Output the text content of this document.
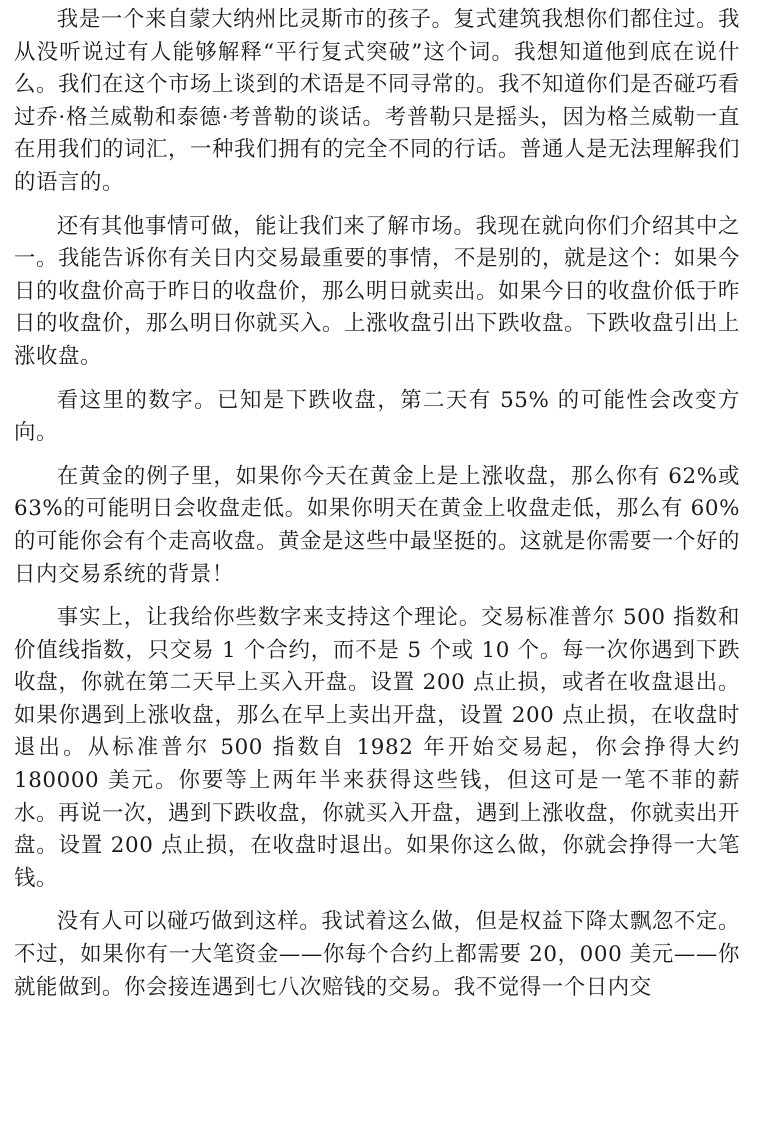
我是一个来自蒙大纳州比灵斯市的孩子。复式建筑我想你们都住过。我从没听说过有人能够解释“平行复式突破”这个词。我想知道他到底在说什么。我们在这个市场上谈到的术语是不同寻常的。我不知道你们是否碰巧看过乔·格兰威勒和泰德·考普勒的谈话。考普勒只是摇头，因为格兰威勒一直在用我们的词汇，一种我们拥有的完全不同的行话。普通人是无法理解我们的语言的。

还有其他事情可做，能让我们来了解市场。我现在就向你们介绍其中之一。我能告诉你有关日内交易最重要的事情，不是别的，就是这个：如果今日的收盘价高于昨日的收盘价，那么明日就卖出。如果今日的收盘价低于昨日的收盘价，那么明日你就买入。上涨收盘引出下跌收盘。下跌收盘引出上涨收盘。

看这里的数字。已知是下跌收盘，第二天有 55% 的可能性会改变方向。

在黄金的例子里，如果你今天在黄金上是上涨收盘，那么你有 62%或63%的可能明日会收盘走低。如果你明天在黄金上收盘走低，那么有 60%的可能你会有个走高收盘。黄金是这些中最坚挺的。这就是你需要一个好的日内交易系统的背景！

事实上，让我给你些数字来支持这个理论。交易标准普尔 500 指数和价值线指数，只交易 1 个合约，而不是 5 个或 10 个。每一次你遇到下跌收盘，你就在第二天早上买入开盘。设置 200 点止损，或者在收盘退出。如果你遇到上涨收盘，那么在早上卖出开盘，设置 200 点止损，在收盘时退出。从标准普尔 500 指数自 1982 年开始交易起，你会挣得大约 180000 美元。你要等上两年半来获得这些钱，但这可是一笔不菲的薪水。再说一次，遇到下跌收盘，你就买入开盘，遇到上涨收盘，你就卖出开盘。设置 200 点止损，在收盘时退出。如果你这么做，你就会挣得一大笔钱。

没有人可以碰巧做到这样。我试着这么做，但是权益下降太飘忽不定。不过，如果你有一大笔资金——你每个合约上都需要 20，000 美元——你就能做到。你会接连遇到七八次赔钱的交易。我不觉得一个日内交
